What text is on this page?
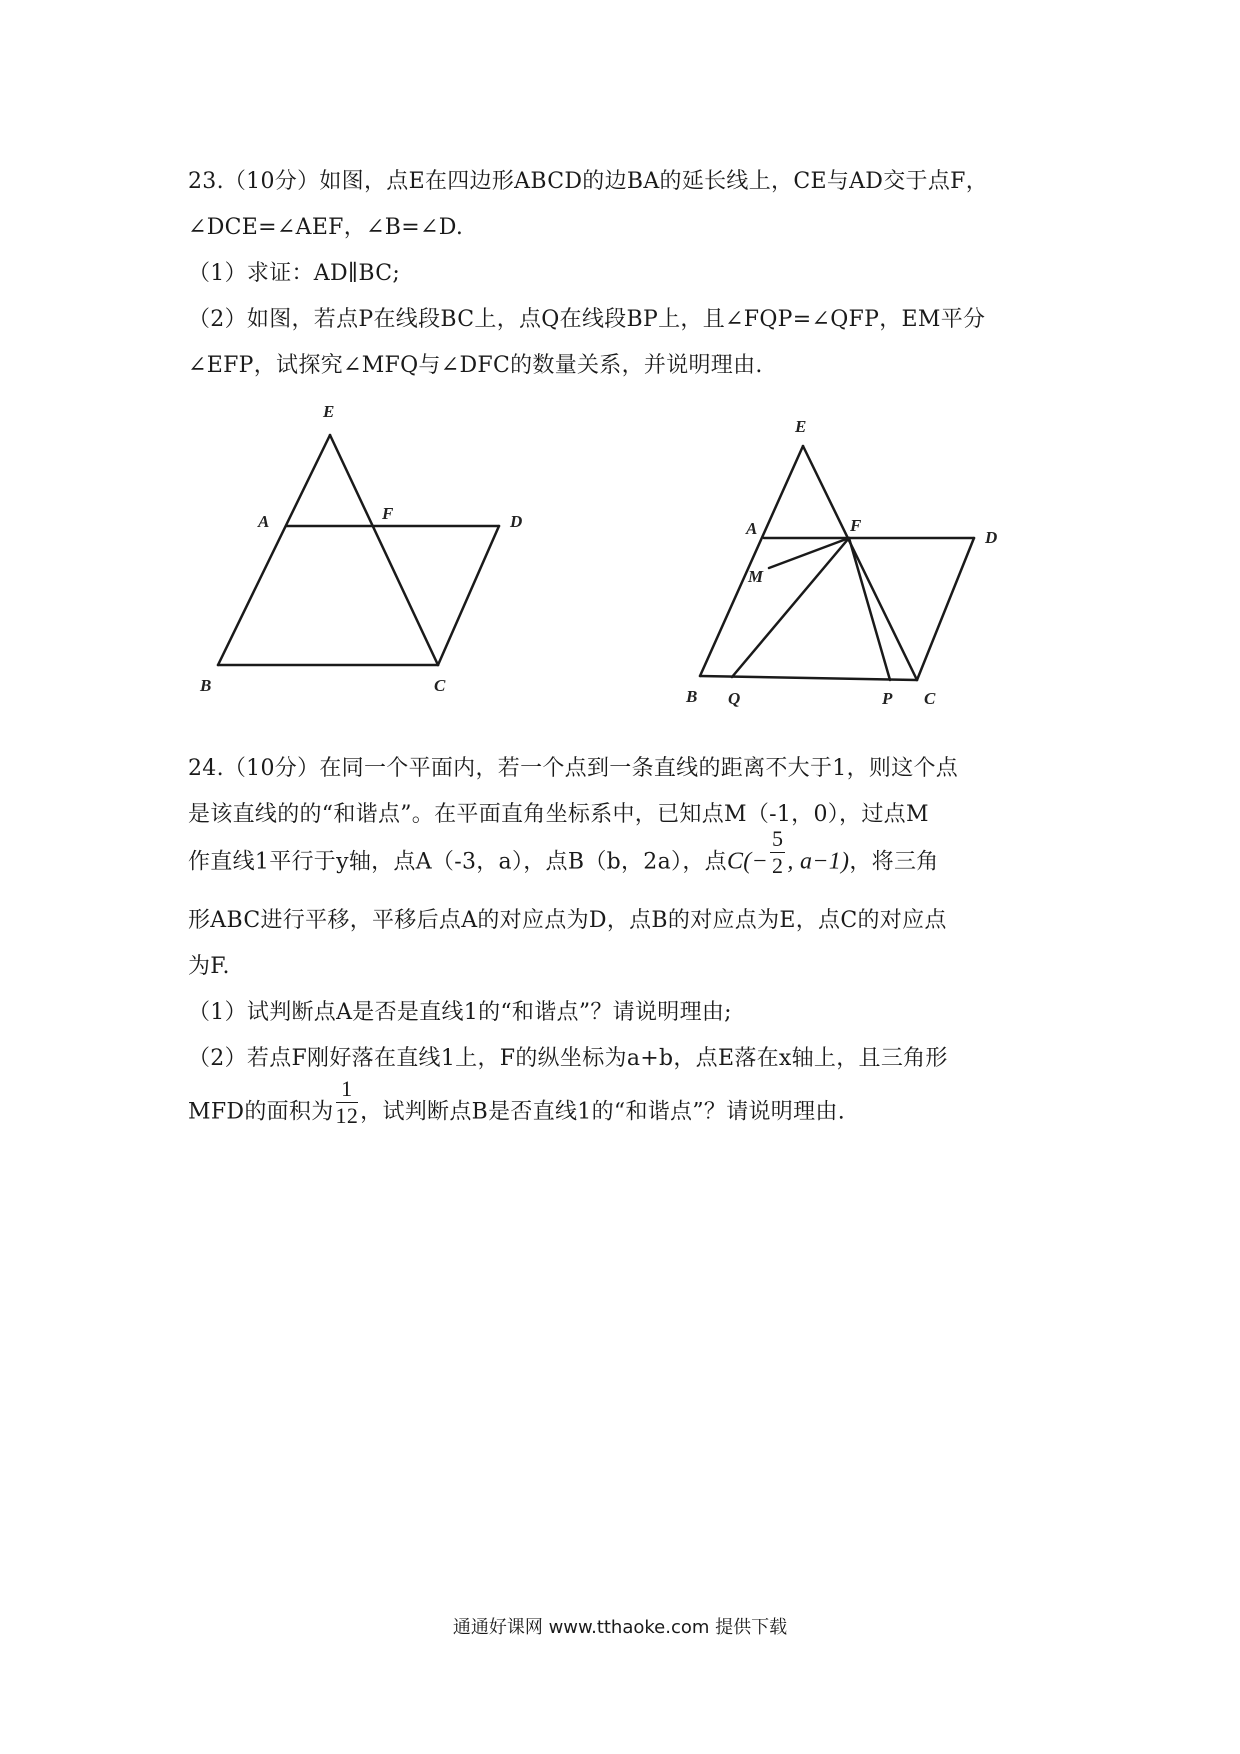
23.（10分）如图，点E在四边形ABCD的边BA的延长线上，CE与AD交于点F，
∠DCE=∠AEF，∠B=∠D.
（1）求证：AD∥BC;
（2）如图，若点P在线段BC上，点Q在线段BP上，且∠FQP=∠QFP，EM平分
∠EFP，试探究∠MFQ与∠DFC的数量关系，并说明理由.
E
A	F	D
B	C
E
A	F
D
M
B Q	P C
24.（10分）在同一个平面内，若一个点到一条直线的距离不大于1，则这个点
是该直线的的“和谐点”。在平面直角坐标系中，已知点M（-1，0），过点M
作直线1平行于y轴，点A（-3，a），点B（b，2a），点$C(- \frac{5}{2}$ , a−1)，将三角
形ABC进行平移，平移后点A的对应点为D，点B的对应点为E，点C的对应点
为F.
（1）试判断点A是否是直线1的“和谐点”？请说明理由;
（2）若点F刚好落在直线1上，F的纵坐标为a+b，点E落在x轴上，且三角形
MFD的面积为 $\frac{1}{12}$ ，试判断点B是否直线1的“和谐点”？请说明理由.
通通好课网 www.tthaoke.com 提供下载
